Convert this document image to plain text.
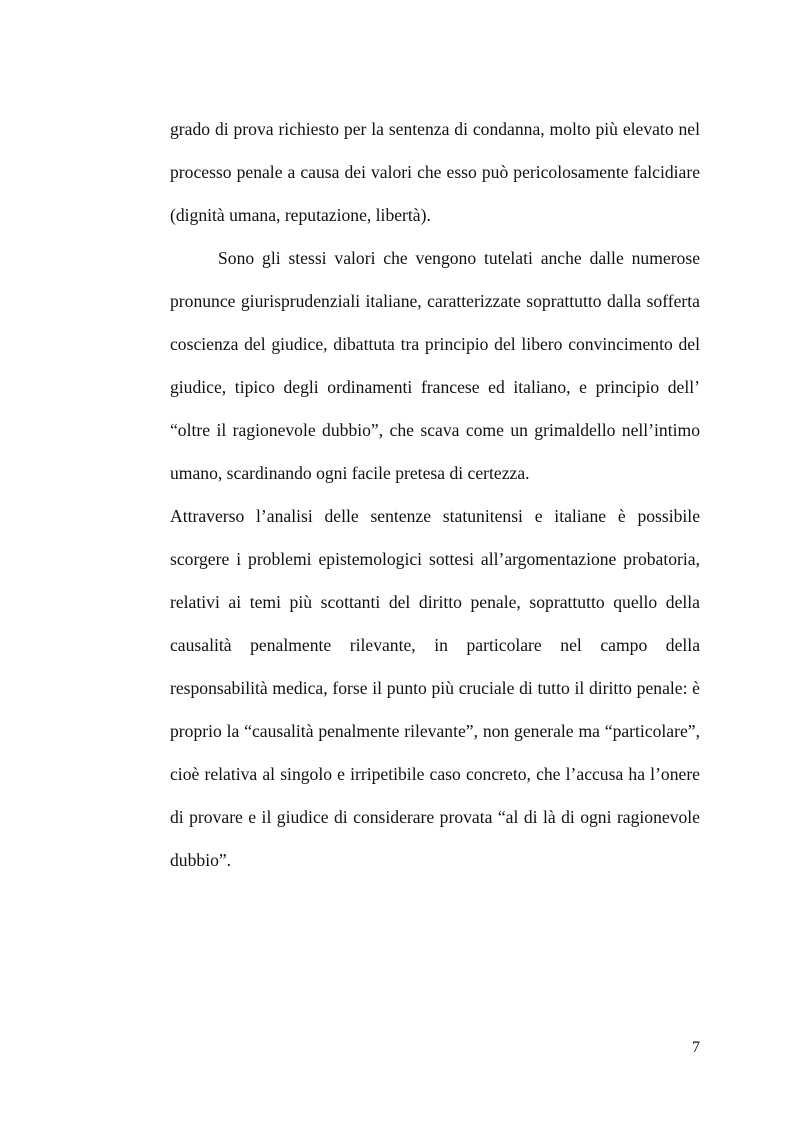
grado di prova richiesto per la sentenza di condanna, molto più elevato nel processo penale a causa dei valori che esso può pericolosamente falcidiare (dignità umana, reputazione, libertà).

Sono gli stessi valori che vengono tutelati anche dalle numerose pronunce giurisprudenziali italiane, caratterizzate soprattutto dalla sofferta coscienza del giudice, dibattuta tra principio del libero convincimento del giudice, tipico degli ordinamenti francese ed italiano, e principio dell’ “oltre il ragionevole dubbio”, che scava come un grimaldello nell’intimo umano, scardinando ogni facile pretesa di certezza.

Attraverso l’analisi delle sentenze statunitensi e italiane è possibile scorgere i problemi epistemologici sottesi all’argomentazione probatoria, relativi ai temi più scottanti del diritto penale, soprattutto quello della causalità penalmente rilevante, in particolare nel campo della responsabilità medica, forse il punto più cruciale di tutto il diritto penale: è proprio la “causalità penalmente rilevante”, non generale ma “particolare”, cioè relativa al singolo e irripetibile caso concreto, che l’accusa ha l’onere di provare e il giudice di considerare provata “al di là di ogni ragionevole dubbio”.

7
